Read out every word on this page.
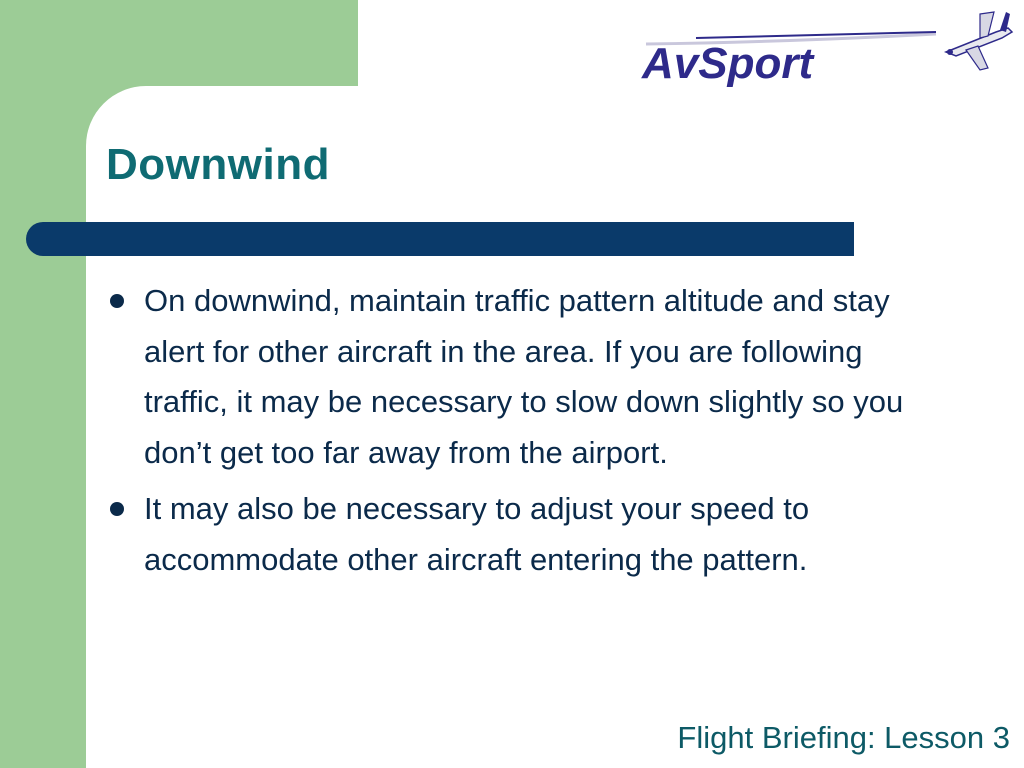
AvSport
Downwind
On downwind, maintain traffic pattern altitude and stay alert for other aircraft in the area. If you are following traffic, it may be necessary to slow down slightly so you don’t get too far away from the airport.
It may also be necessary to adjust your speed to accommodate other aircraft entering the pattern.
Flight Briefing: Lesson 3
